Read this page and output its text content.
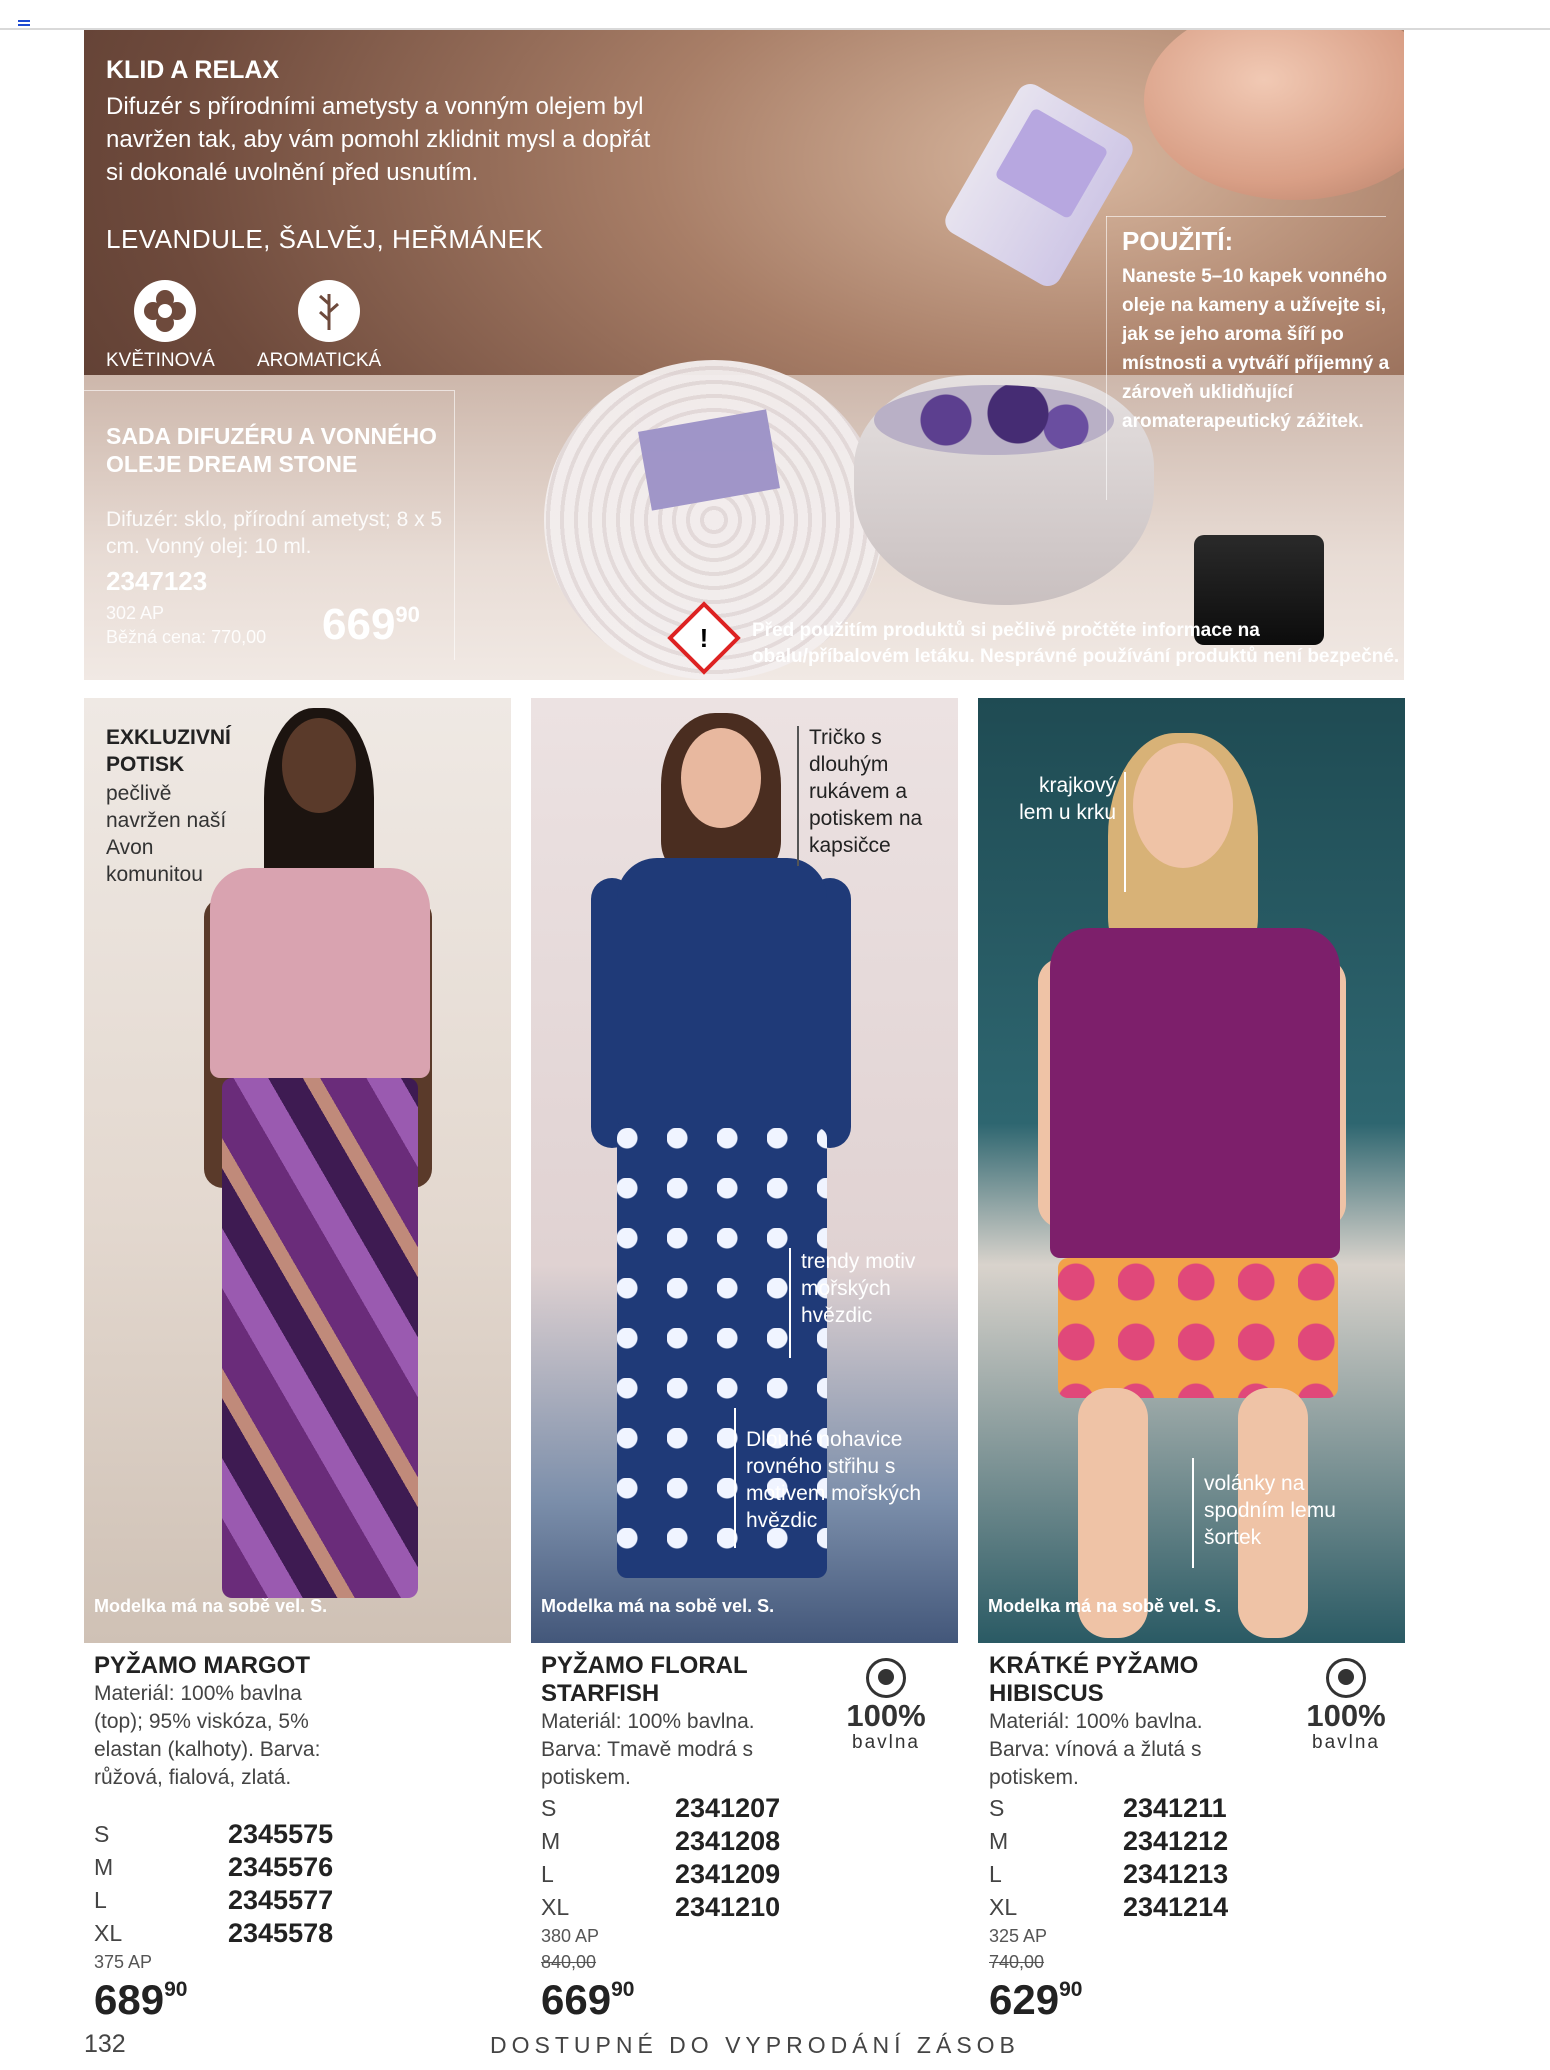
KLID A RELAX

Difuzér s přírodními ametysty a vonným olejem byl navržen tak, aby vám pomohl zklidnit mysl a dopřát si dokonalé uvolnění před usnutím.

LEVANDULE, ŠALVĚJ, HEŘMÁNEK

KVĚTINOVÁ AROMATICKÁ

SADA DIFUZÉRU A VONNÉHO OLEJE DREAM STONE

Difuzér: sklo, přírodní ametyst; 8 x 5 cm. Vonný olej: 10 ml.

2347123

302 AP

Běžná cena: 770,00 $669^{90}$

POUŽITÍ:

Naneste 5–10 kapek vonného oleje na kameny a užívejte si, jak se jeho aroma šíří po místnosti a vytváří příjemný a zároveň uklidňující aromaterapeutický zážitek.

!	Před použitím produktů si pečlivě pročtěte informace na obalu/příbalovém letáku. Nesprávné používání produktů není bezpečné.

EXKLUZIVNÍ POTISK

pečlivě navržen naší Avon komunitou

Modelka má na sobě vel. S.

Tričko s dlouhým rukávem a potiskem na kapsičce

trendy motiv mořských hvězdic

Dlouhé nohavice rovného střihu s motivem mořských hvězdic

Modelka má na sobě vel. S.

krajkový lem u krku

volánky na spodním lemu šortek

Modelka má na sobě vel. S.

PYŽAMO MARGOT

Materiál: 100% bavlna (top); 95% viskóza, 5% elastan (kalhoty). Barva: růžová, fialová, zlatá.

S	2345575
M	2345576
L	2345577
XL	2345578

375 AP

$689^{90}$

PYŽAMO FLORAL STARFISH

100%
bavlna

Materiál: 100% bavlna. Barva: Tmavě modrá s potiskem.

S	2341207
M	2341208
L	2341209
XL	2341210

380 AP

840,00

$669^{90}$

KRÁTKÉ PYŽAMO HIBISCUS

100%
bavlna

Materiál: 100% bavlna. Barva: vínová a žlutá s potiskem.

S	2341211
M	2341212
L	2341213
XL	2341214

325 AP

740,00

$629^{90}$

132	DOSTUPNÉ DO VYPRODÁNÍ ZÁSOB
